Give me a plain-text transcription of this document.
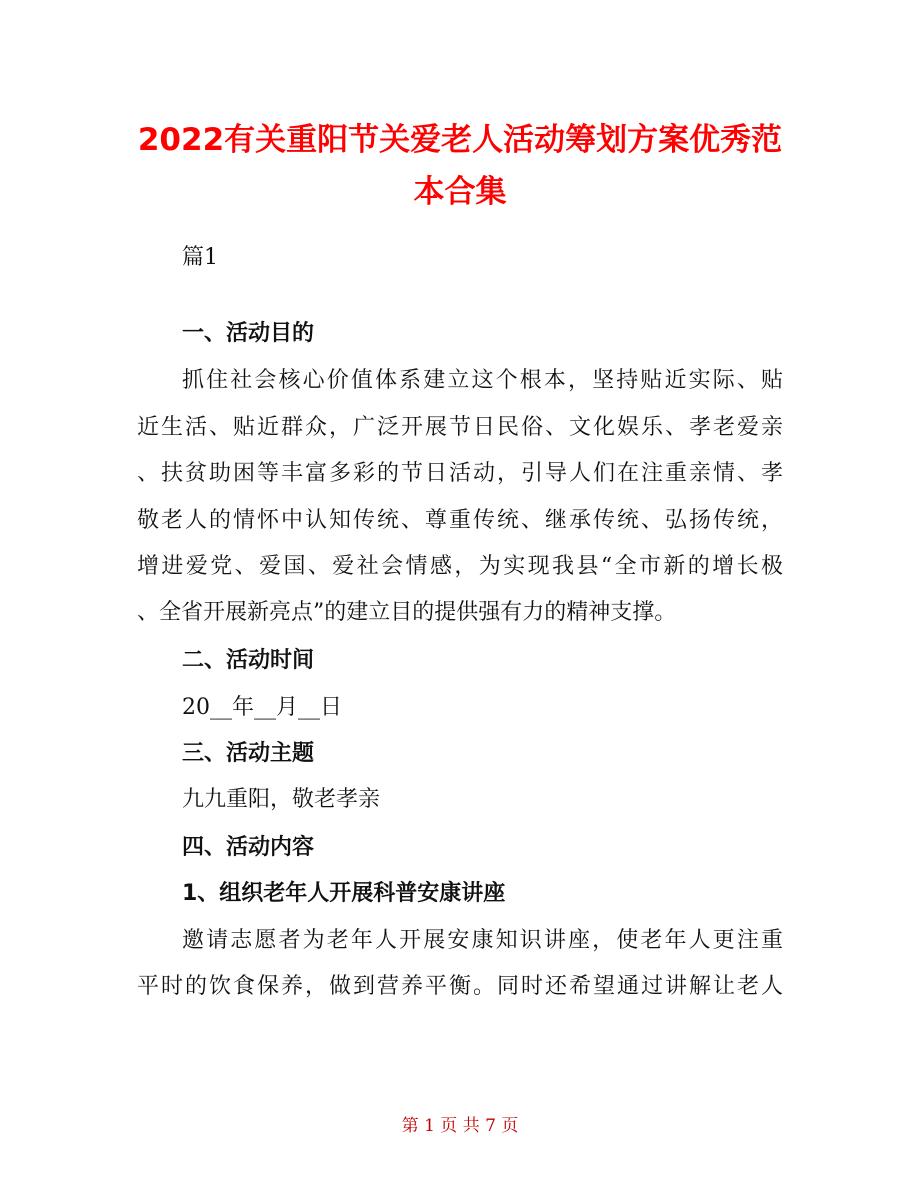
2022有关重阳节关爱老人活动筹划方案优秀范
本合集
篇1
一、活动目的
抓住社会核心价值体系建立这个根本，坚持贴近实际、贴
近生活、贴近群众，广泛开展节日民俗、文化娱乐、孝老爱亲
、扶贫助困等丰富多彩的节日活动，引导人们在注重亲情、孝
敬老人的情怀中认知传统、尊重传统、继承传统、弘扬传统，
增进爱党、爱国、爱社会情感，为实现我县“全市新的增长极
、全省开展新亮点”的建立目的提供强有力的精神支撑。
二、活动时间
20__年__月__日
三、活动主题
九九重阳，敬老孝亲
四、活动内容
1、组织老年人开展科普安康讲座
邀请志愿者为老年人开展安康知识讲座，使老年人更注重
平时的饮食保养，做到营养平衡。同时还希望通过讲解让老人
第 1 页 共 7 页
